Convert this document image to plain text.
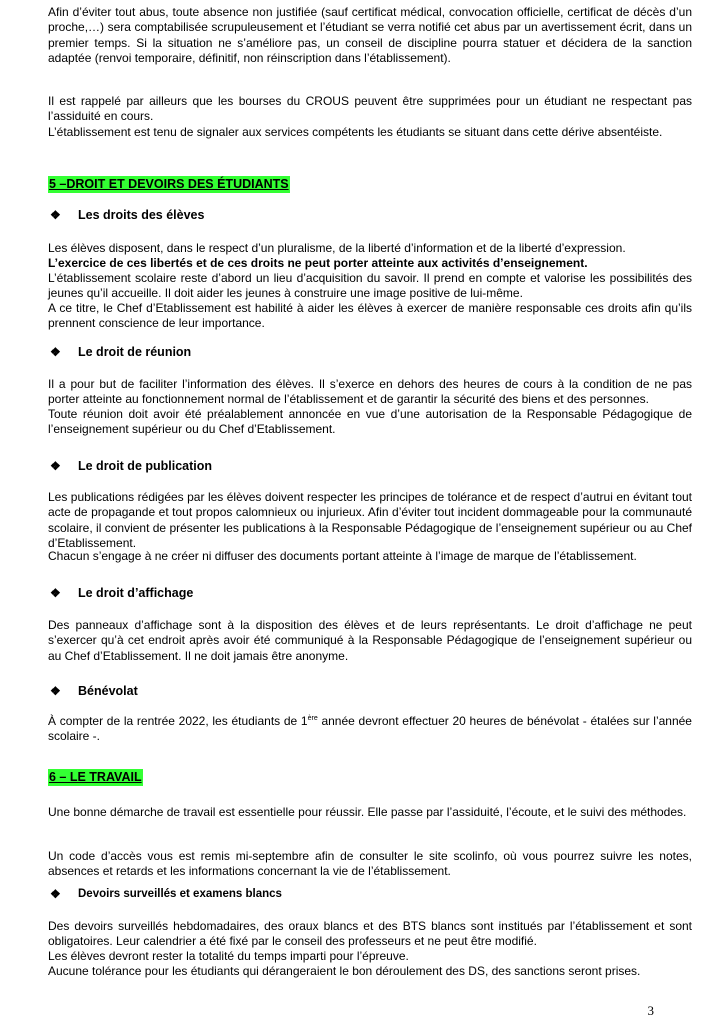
Afin d’éviter tout abus, toute absence non justifiée (sauf certificat médical, convocation officielle, certificat de décès d’un proche,…) sera comptabilisée scrupuleusement et l’étudiant se verra notifié cet abus par un avertissement écrit, dans un premier temps. Si la situation ne s’améliore pas, un conseil de discipline pourra statuer et décidera de la sanction adaptée (renvoi temporaire, définitif, non réinscription dans l’établissement).

Il est rappelé par ailleurs que les bourses du CROUS peuvent être supprimées pour un étudiant ne respectant pas l’assiduité en cours.

L’établissement est tenu de signaler aux services compétents les étudiants se situant dans cette dérive absentéiste.

5 –DROIT ET DEVOIRS DES ÉTUDIANTS
❖	Les droits des élèves

Les élèves disposent, dans le respect d’un pluralisme, de la liberté d’information et de la liberté d’expression.

L’exercice de ces libertés et de ces droits ne peut porter atteinte aux activités d’enseignement.

L’établissement scolaire reste d’abord un lieu d’acquisition du savoir. Il prend en compte et valorise les possibilités des jeunes qu’il accueille. Il doit aider les jeunes à construire une image positive de lui-même.

A ce titre, le Chef d’Etablissement est habilité à aider les élèves à exercer de manière responsable ces droits afin qu’ils prennent conscience de leur importance.

❖	Le droit de réunion

Il a pour but de faciliter l’information des élèves. Il s’exerce en dehors des heures de cours à la condition de ne pas porter atteinte au fonctionnement normal de l’établissement et de garantir la sécurité des biens et des personnes.

Toute réunion doit avoir été préalablement annoncée en vue d’une autorisation de la Responsable Pédagogique de l’enseignement supérieur ou du Chef d’Etablissement.

❖	Le droit de publication

Les publications rédigées par les élèves doivent respecter les principes de tolérance et de respect d’autrui en évitant tout acte de propagande et tout propos calomnieux ou injurieux. Afin d’éviter tout incident dommageable pour la communauté scolaire, il convient de présenter les publications à la Responsable Pédagogique de l’enseignement supérieur ou au Chef d’Etablissement.

Chacun s’engage à ne créer ni diffuser des documents portant atteinte à l’image de marque de l’établissement.

❖	Le droit d’affichage

Des panneaux d’affichage sont à la disposition des élèves et de leurs représentants. Le droit d’affichage ne peut s’exercer qu’à cet endroit après avoir été communiqué à la Responsable Pédagogique de l’enseignement supérieur ou au Chef d’Etablissement. Il ne doit jamais être anonyme.

❖	Bénévolat

À compter de la rentrée 2022, les étudiants de 1ère année devront effectuer 20 heures de bénévolat - étalées sur l’année scolaire -.

6 – LE TRAVAIL

Une bonne démarche de travail est essentielle pour réussir. Elle passe par l’assiduité, l’écoute, et le suivi des méthodes.

Un code d’accès vous est remis mi-septembre afin de consulter le site scolinfo, où vous pourrez suivre les notes, absences et retards et les informations concernant la vie de l’établissement.

❖	Devoirs surveillés et examens blancs

Des devoirs surveillés hebdomadaires, des oraux blancs et des BTS blancs sont institués par l’établissement et sont obligatoires. Leur calendrier a été fixé par le conseil des professeurs et ne peut être modifié.

Les élèves devront rester la totalité du temps imparti pour l’épreuve.

Aucune tolérance pour les étudiants qui dérangeraient le bon déroulement des DS, des sanctions seront prises.

3
